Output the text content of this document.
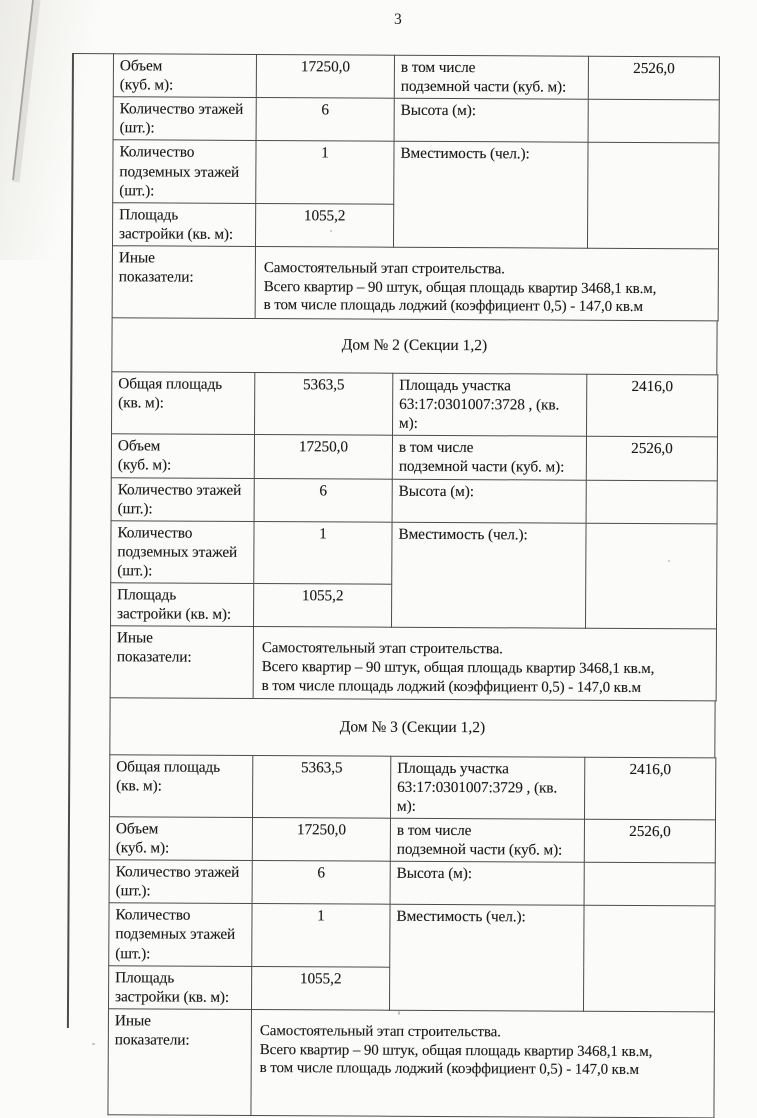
3
Объем
(куб. м):	17250,0	в том числе
подземной части (куб. м):	2526,0
Количество этажей
(шт.):	6	Высота (м):	
Количество
подземных этажей
(шт.):	1	Вместимость (чел.):	
Площадь
застройки (кв. м):	1055,2		
Иные
показатели:	Самостоятельный этап строительства.
Всего квартир – 90 штук, общая площадь квартир 3468,1 кв.м,
в том числе площадь лоджий (коэффициент 0,5) - 147,0 кв.м		
Дом № 2 (Секции 1,2)
Общая площадь
(кв. м):	5363,5	Площадь участка
63:17:0301007:3728 , (кв.
м):	2416,0
Объем
(куб. м):	17250,0	в том числе
подземной части (куб. м):	2526,0
Количество этажей
(шт.):	6	Высота (м):	
Количество
подземных этажей
(шт.):	1	Вместимость (чел.):	
Площадь
застройки (кв. м):	1055,2		
Иные
показатели:	Самостоятельный этап строительства.
Всего квартир – 90 штук, общая площадь квартир 3468,1 кв.м,
в том числе площадь лоджий (коэффициент 0,5) - 147,0 кв.м		
Дом № 3 (Секции 1,2)
Общая площадь
(кв. м):	5363,5	Площадь участка
63:17:0301007:3729 , (кв.
м):	2416,0
Объем
(куб. м):	17250,0	в том числе
подземной части (куб. м):	2526,0
Количество этажей
(шт.):	6	Высота (м):	
Количество
подземных этажей
(шт.):	1	Вместимость (чел.):	
Площадь
застройки (кв. м):	1055,2		
Иные
показатели:	Самостоятельный этап строительства.
Всего квартир – 90 штук, общая площадь квартир 3468,1 кв.м,
в том числе площадь лоджий (коэффициент 0,5) - 147,0 кв.м		
